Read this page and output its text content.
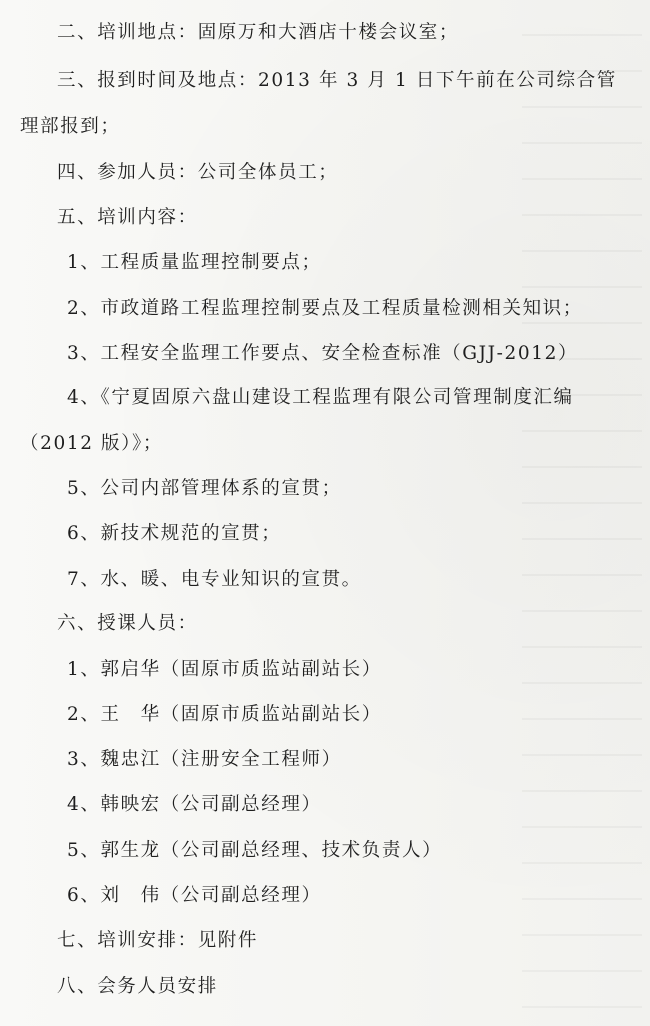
二、培训地点：固原万和大酒店十楼会议室；
三、报到时间及地点：2013 年 3 月 1 日下午前在公司综合管
理部报到；
四、参加人员：公司全体员工；
五、培训内容：
1、工程质量监理控制要点；
2、市政道路工程监理控制要点及工程质量检测相关知识；
3、工程安全监理工作要点、安全检查标准（GJJ-2012）
4、《宁夏固原六盘山建设工程监理有限公司管理制度汇编
（2012 版）》；
5、公司内部管理体系的宣贯；
6、新技术规范的宣贯；
7、水、暖、电专业知识的宣贯。
六、授课人员：
1、郭启华（固原市质监站副站长）
2、王　华（固原市质监站副站长）
3、魏忠江（注册安全工程师）
4、韩映宏（公司副总经理）
5、郭生龙（公司副总经理、技术负责人）
6、刘　伟（公司副总经理）
七、培训安排：见附件
八、会务人员安排
